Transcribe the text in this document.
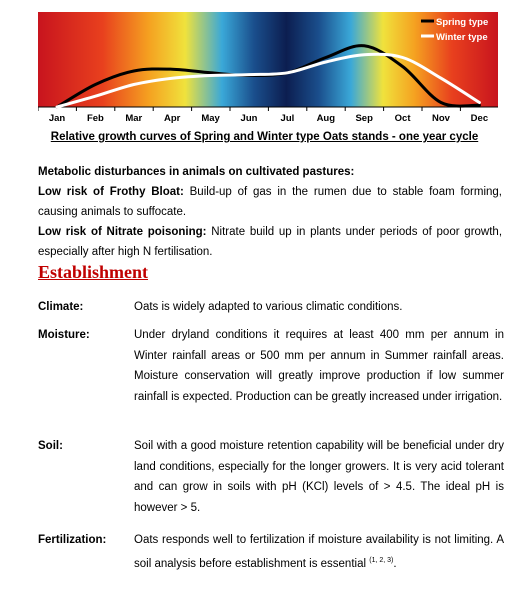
Jan Feb Mar Apr May Jun Jul Aug Sep Oct Nov Dec
Spring type
Winter type
Relative growth curves of Spring and Winter type Oats stands - one year cycle
Metabolic disturbances in animals on cultivated pastures:
Low risk of Frothy Bloat: Build-up of gas in the rumen due to stable foam forming, causing animals to suffocate.
Low risk of Nitrate poisoning: Nitrate build up in plants under periods of poor growth, especially after high N fertilisation.
Establishment
Climate:	Oats is widely adapted to various climatic conditions.
Moisture:	Under dryland conditions it requires at least 400 mm per annum in Winter rainfall areas or 500 mm per annum in Summer rainfall areas. Moisture conservation will greatly improve production if low summer rainfall is expected. Production can be greatly increased under irrigation.
Soil:	Soil with a good moisture retention capability will be beneficial under dry land conditions, especially for the longer growers. It is very acid tolerant and can grow in soils with pH (KCl) levels of > 4.5. The ideal pH is however > 5.
Fertilization:	Oats responds well to fertilization if moisture availability is not limiting. A soil analysis before establishment is essential $^{(1, 2, 3)}$.
